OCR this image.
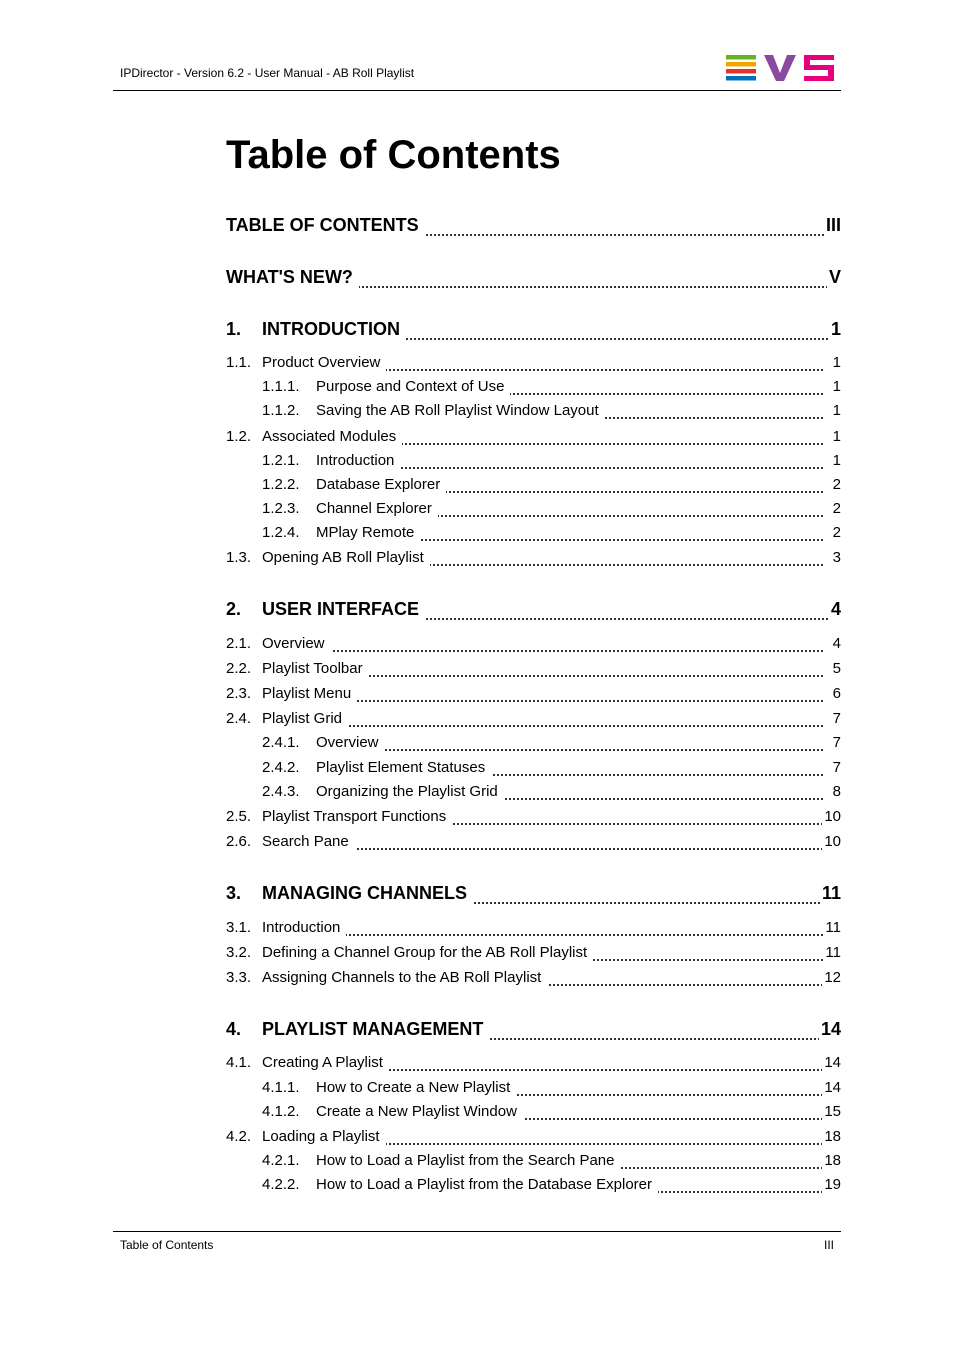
IPDirector - Version 6.2 - User Manual - AB Roll Playlist
Table of Contents
TABLE OF CONTENTS	III
WHAT'S NEW?	V
1. INTRODUCTION	1
1.1. Product Overview	1
1.1.1. Purpose and Context of Use	1
1.1.2. Saving the AB Roll Playlist Window Layout	1
1.2. Associated Modules	1
1.2.1. Introduction	1
1.2.2. Database Explorer	2
1.2.3. Channel Explorer	2
1.2.4. MPlay Remote	2
1.3. Opening AB Roll Playlist	3
2. USER INTERFACE	4
2.1. Overview	4
2.2. Playlist Toolbar	5
2.3. Playlist Menu	6
2.4. Playlist Grid	7
2.4.1. Overview	7
2.4.2. Playlist Element Statuses	7
2.4.3. Organizing the Playlist Grid	8
2.5. Playlist Transport Functions	10
2.6. Search Pane	10
3. MANAGING CHANNELS	11
3.1. Introduction	11
3.2. Defining a Channel Group for the AB Roll Playlist	11
3.3. Assigning Channels to the AB Roll Playlist	12
4. PLAYLIST MANAGEMENT	14
4.1. Creating A Playlist	14
4.1.1. How to Create a New Playlist	14
4.1.2. Create a New Playlist Window	15
4.2. Loading a Playlist	18
4.2.1. How to Load a Playlist from the Search Pane	18
4.2.2. How to Load a Playlist from the Database Explorer	19
Table of Contents	III
